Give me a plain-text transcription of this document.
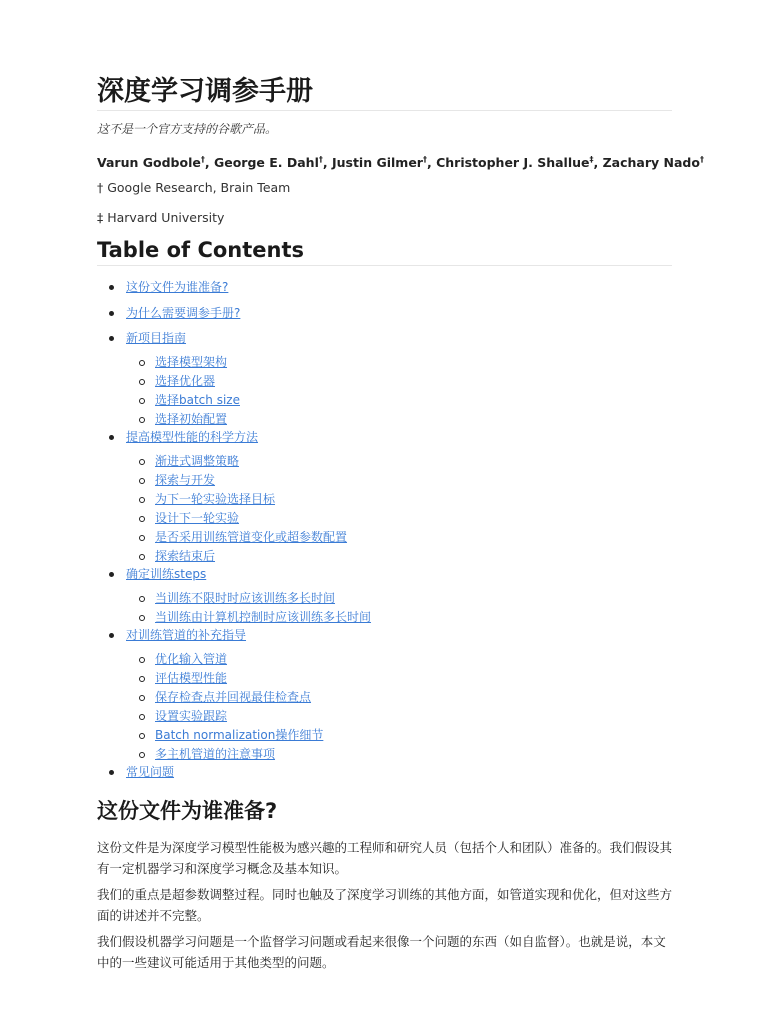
深度学习调参手册

这不是一个官方支持的谷歌产品。

Varun Godbole†, George E. Dahl†, Justin Gilmer†, Christopher J. Shallue‡, Zachary Nado†

† Google Research, Brain Team

‡ Harvard University

Table of Contents
这份文件为谁准备?
为什么需要调参手册?
新项目指南
选择模型架构
选择优化器
选择batch size
选择初始配置
提高模型性能的科学方法
渐进式调整策略
探索与开发
为下一轮实验选择目标
设计下一轮实验
是否采用训练管道变化或超参数配置
探索结束后
确定训练steps
当训练不限时时应该训练多长时间
当训练由计算机控制时应该训练多长时间
对训练管道的补充指导
优化输入管道
评估模型性能
保存检查点并回视最佳检查点
设置实验跟踪
Batch normalization操作细节
多主机管道的注意事项
常见问题
这份文件为谁准备?

这份文件是为深度学习模型性能极为感兴趣的工程师和研究人员（包括个人和团队）准备的。我们假设其有一定机器学习和深度学习概念及基本知识。

我们的重点是超参数调整过程。同时也触及了深度学习训练的其他方面，如管道实现和优化，但对这些方面的讲述并不完整。

我们假设机器学习问题是一个监督学习问题或看起来很像一个问题的东西（如自监督）。也就是说，本文中的一些建议可能适用于其他类型的问题。
